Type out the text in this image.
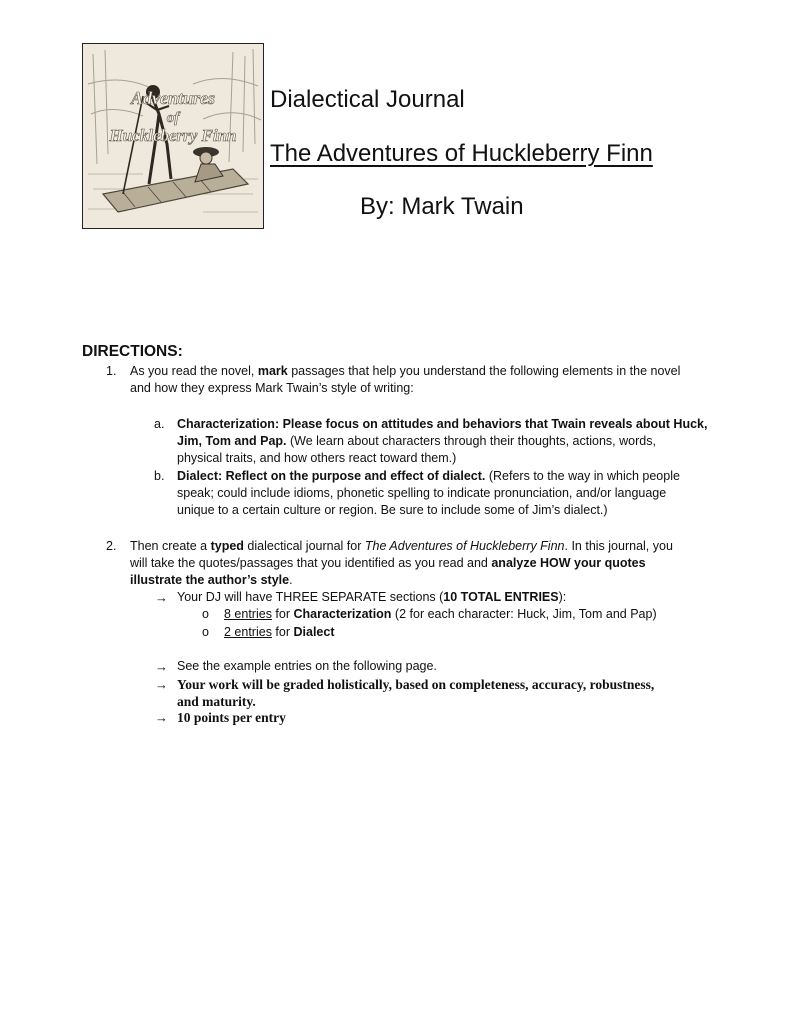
Adventures
of
Huckleberry Finn
Dialectical Journal
The Adventures of Huckleberry Finn
By: Mark Twain
DIRECTIONS:
1. As you read the novel, mark passages that help you understand the following elements in the novel
and how they express Mark Twain’s style of writing:
a. Characterization: Please focus on attitudes and behaviors that Twain reveals about Huck,
Jim, Tom and Pap. (We learn about characters through their thoughts, actions, words,
physical traits, and how others react toward them.)
b. Dialect: Reflect on the purpose and effect of dialect. (Refers to the way in which people
speak; could include idioms, phonetic spelling to indicate pronunciation, and/or language
unique to a certain culture or region. Be sure to include some of Jim’s dialect.)
2. Then create a typed dialectical journal for The Adventures of Huckleberry Finn. In this journal, you
will take the quotes/passages that you identified as you read and analyze HOW your quotes
illustrate the author’s style.
→ Your DJ will have THREE SEPARATE sections (10 TOTAL ENTRIES):
o 8 entries for Characterization (2 for each character: Huck, Jim, Tom and Pap)
o 2 entries for Dialect
→ See the example entries on the following page.
→ Your work will be graded holistically, based on completeness, accuracy, robustness,
and maturity.
→ 10 points per entry
